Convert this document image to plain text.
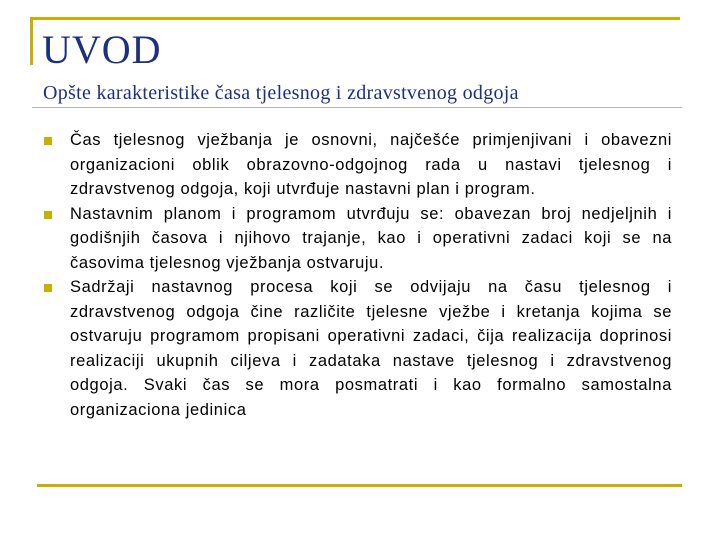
UVOD
Opšte karakteristike časa tjelesnog i zdravstvenog odgoja
Čas tjelesnog vježbanja je osnovni, najčešće primjenjivani i obavezni organizacioni oblik obrazovno-odgojnog rada u nastavi tjelesnog i zdravstvenog odgoja, koji utvrđuje nastavni plan i program.
Nastavnim planom i programom utvrđuju se: obavezan broj nedjeljnih i godišnjih časova i njihovo trajanje, kao i operativni zadaci koji se na časovima tjelesnog vježbanja ostvaruju.
Sadržaji nastavnog procesa koji se odvijaju na času tjelesnog i zdravstvenog odgoja čine različite tjelesne vježbe i kretanja kojima se ostvaruju programom propisani operativni zadaci, čija realizacija doprinosi realizaciji ukupnih ciljeva i zadataka nastave tjelesnog i zdravstvenog odgoja. Svaki čas se mora posmatrati i kao formalno samostalna organizaciona jedinica
